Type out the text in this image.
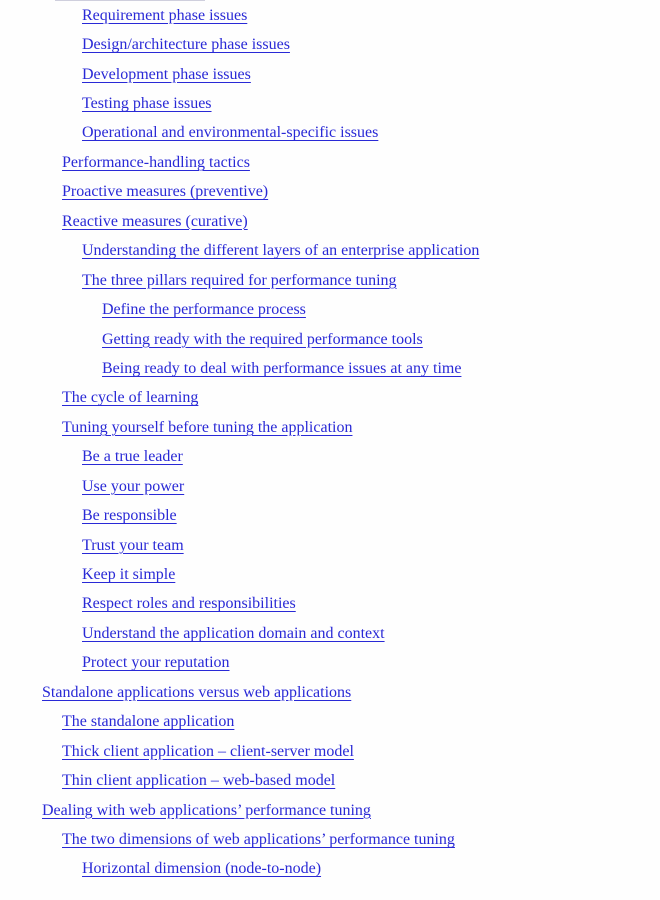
Requirement phase issues
Design/architecture phase issues
Development phase issues
Testing phase issues
Operational and environmental-specific issues
Performance-handling tactics
Proactive measures (preventive)
Reactive measures (curative)
Understanding the different layers of an enterprise application
The three pillars required for performance tuning
Define the performance process
Getting ready with the required performance tools
Being ready to deal with performance issues at any time
The cycle of learning
Tuning yourself before tuning the application
Be a true leader
Use your power
Be responsible
Trust your team
Keep it simple
Respect roles and responsibilities
Understand the application domain and context
Protect your reputation
Standalone applications versus web applications
The standalone application
Thick client application – client-server model
Thin client application – web-based model
Dealing with web applications’ performance tuning
The two dimensions of web applications’ performance tuning
Horizontal dimension (node-to-node)
